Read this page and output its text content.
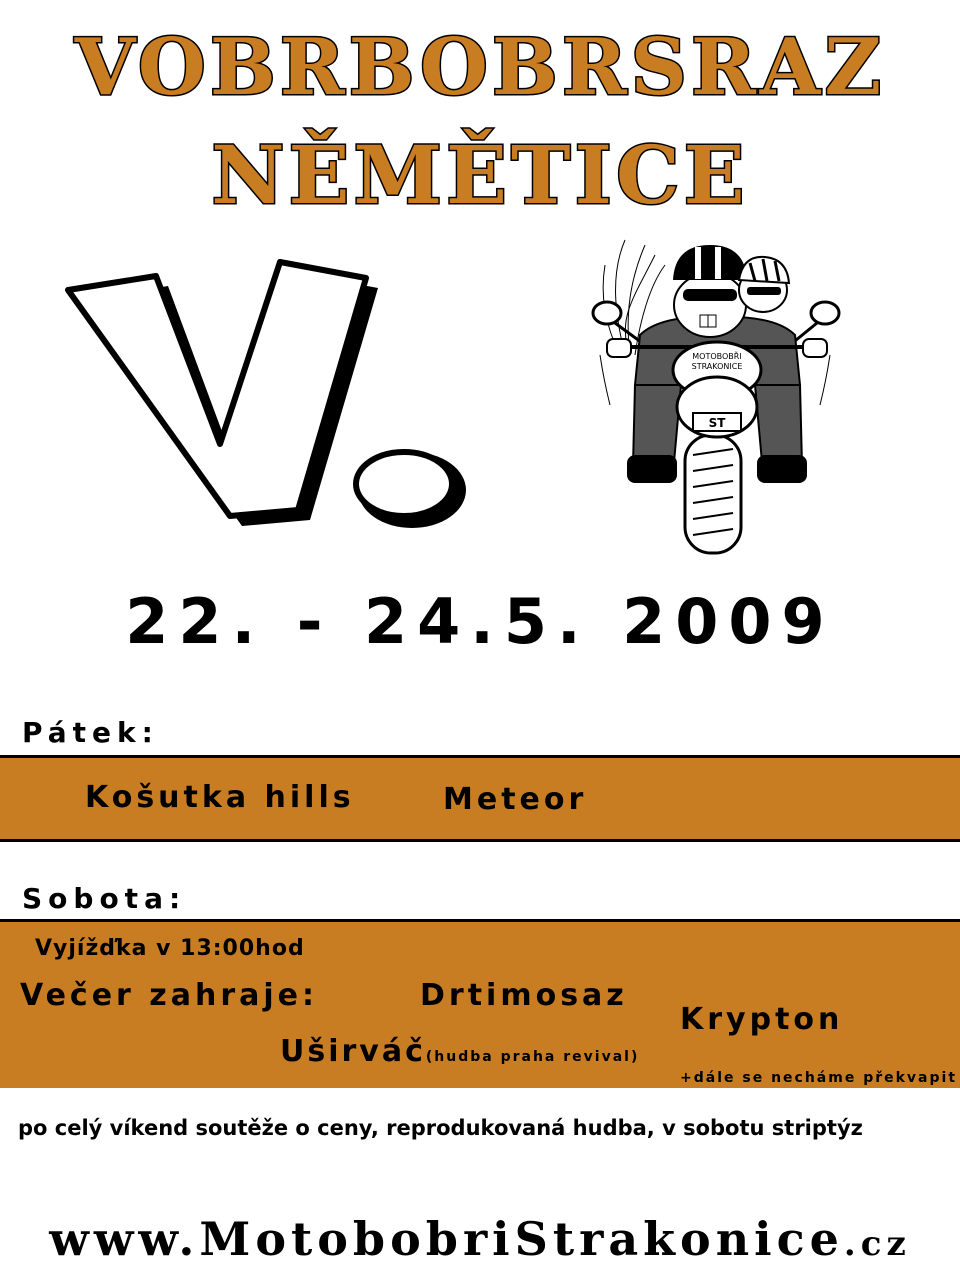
VOBRBOBRSRAZ
NĚMĚTICE
ST
MOTOBOBŘI
STRAKONICE
22. - 24.5. 2009
Pátek:
Košutka hills	Meteor
Sobota:
Vyjížďka v 13:00hod
Večer zahraje:	Drtimosaz
Krypton
Uširváč(hudba praha revival)
+dále se necháme překvapit
po celý víkend soutěže o ceny, reprodukovaná hudba, v sobotu striptýz
www.MotobobriStrakonice.cz
